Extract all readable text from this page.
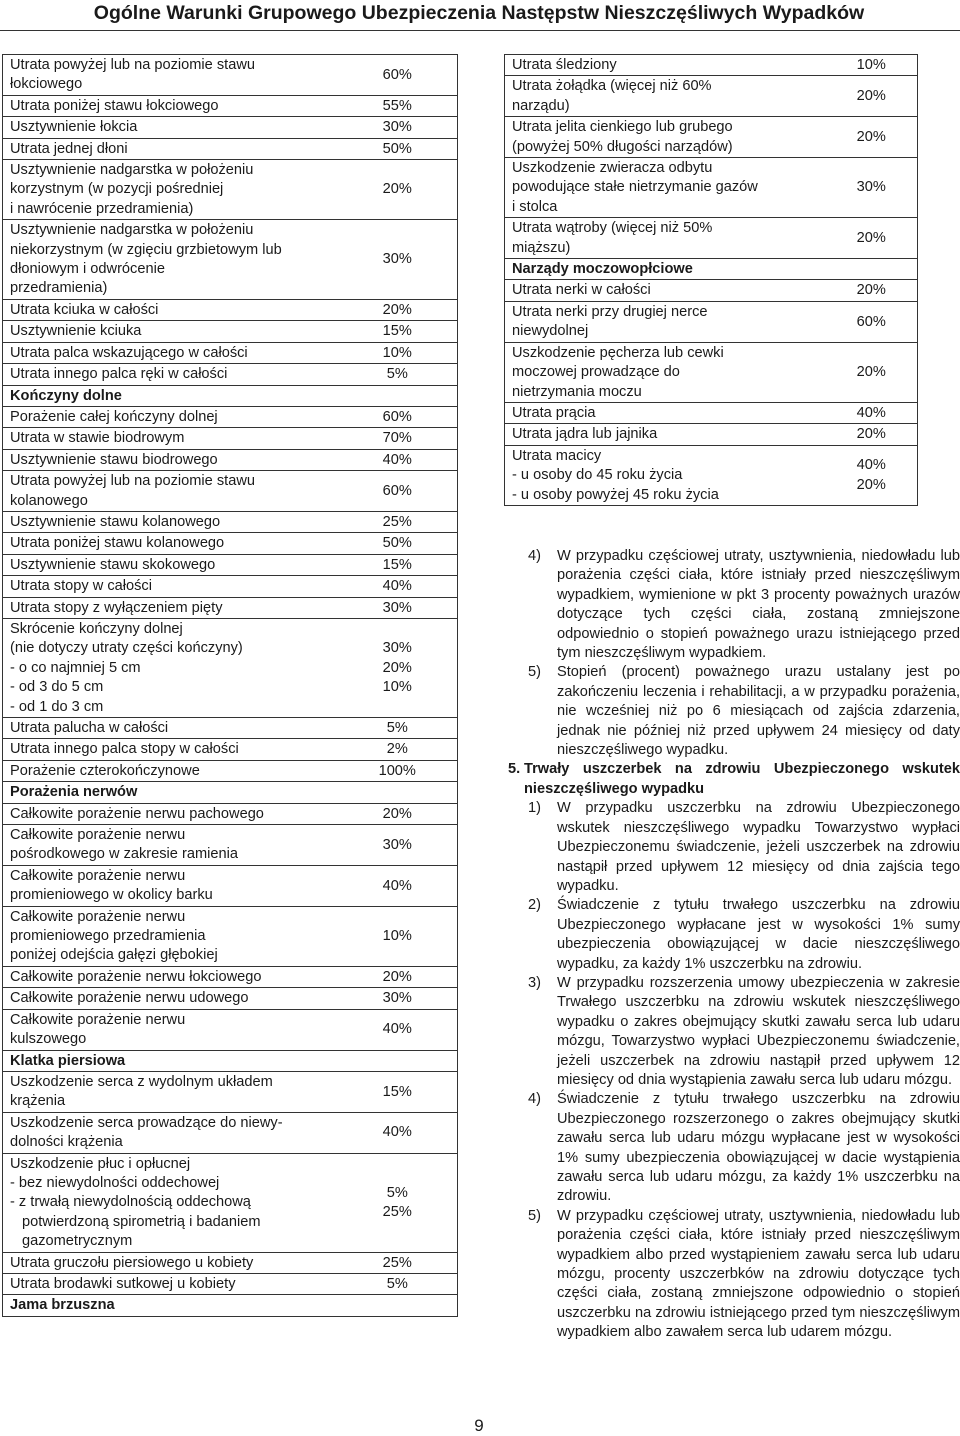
Ogólne Warunki Grupowego Ubezpieczenia Następstw Nieszczęśliwych Wypadków
Utrata powyżej lub na poziomie stawu
łokciowego	60%

Utrata poniżej stawu łokciowego	55%

Usztywnienie łokcia	30%

Utrata jednej dłoni	50%

Usztywnienie nadgarstka w położeniu
korzystnym (w pozycji pośredniej
i nawrócenie przedramienia)	20%

Usztywnienie nadgarstka w położeniu
niekorzystnym (w zgięciu grzbietowym lub
dłoniowym i odwrócenie
przedramienia)	30%

Utrata kciuka w całości	20%

Usztywnienie kciuka	15%

Utrata palca wskazującego w całości	10%

Utrata innego palca ręki w całości	5%

Kończyny dolne	

Porażenie całej kończyny dolnej	60%

Utrata w stawie biodrowym	70%

Usztywnienie stawu biodrowego	40%

Utrata powyżej lub na poziomie stawu
kolanowego	60%

Usztywnienie stawu kolanowego	25%

Utrata poniżej stawu kolanowego	50%

Usztywnienie stawu skokowego	15%

Utrata stopy w całości	40%

Utrata stopy z wyłączeniem pięty	30%

Skrócenie kończyny dolnej
(nie dotyczy utraty części kończyny)
- o co najmniej 5 cm
- od 3 do 5 cm
- od 1 do 3 cm	30%
20%
10%

Utrata palucha w całości	5%

Utrata innego palca stopy w całości	2%

Porażenie czterokończynowe	100%

Porażenia nerwów	

Całkowite porażenie nerwu pachowego	20%

Całkowite porażenie nerwu
pośrodkowego w zakresie ramienia	30%

Całkowite porażenie nerwu
promieniowego w okolicy barku	40%

Całkowite porażenie nerwu
promieniowego przedramienia
poniżej odejścia gałęzi głębokiej	10%

Całkowite porażenie nerwu łokciowego	20%

Całkowite porażenie nerwu udowego	30%

Całkowite porażenie nerwu
kulszowego	40%

Klatka piersiowa	

Uszkodzenie serca z wydolnym układem
krążenia	15%

Uszkodzenie serca prowadzące do niewy-
dolności krążenia	40%

Uszkodzenie płuc i opłucnej
- bez niewydolności oddechowej
- z trwałą niewydolnością oddechową
potwierdzoną spirometrią i badaniem
gazometrycznym	5%
25%

Utrata gruczołu piersiowego u kobiety	25%

Utrata brodawki sutkowej u kobiety	5%

Jama brzuszna	

Utrata śledziony	10%

Utrata żołądka (więcej niż 60%
narządu)	20%

Utrata jelita cienkiego lub grubego
(powyżej 50% długości narządów)	20%

Uszkodzenie zwieracza odbytu
powodujące stałe nietrzymanie gazów
i stolca	30%

Utrata wątroby (więcej niż 50%
miąższu)	20%

Narządy moczowopłciowe	

Utrata nerki w całości	20%

Utrata nerki przy drugiej nerce
niewydolnej	60%

Uszkodzenie pęcherza lub cewki
moczowej prowadzące do
nietrzymania moczu	20%

Utrata prącia	40%

Utrata jądra lub jajnika	20%

Utrata macicy
- u osoby do 45 roku życia
- u osoby powyżej 45 roku życia	40%
20%
4) W przypadku częściowej utraty, usztywnienia, niedowładu lub porażenia części ciała, które istniały przed nieszczęśliwym wypadkiem, wymienione w pkt 3 procenty poważnych urazów dotyczące tych części ciała, zostaną zmniejszone odpowiednio o stopień poważnego urazu istniejącego przed tym nieszczęśliwym wypadkiem.
5) Stopień (procent) poważnego urazu ustalany jest po zakończeniu leczenia i rehabilitacji, a w przypadku porażenia, nie wcześniej niż po 6 miesiącach od zajścia zdarzenia, jednak nie później niż przed upływem 24 miesięcy od daty nieszczęśliwego wypadku.
5. Trwały uszczerbek na zdrowiu Ubezpieczonego wskutek nieszczęśliwego wypadku
1) W przypadku uszczerbku na zdrowiu Ubezpieczonego wskutek nieszczęśliwego wypadku Towarzystwo wypłaci Ubezpieczonemu świadczenie, jeżeli uszczerbek na zdrowiu nastąpił przed upływem 12 miesięcy od dnia zajścia tego wypadku.
2) Świadczenie z tytułu trwałego uszczerbku na zdrowiu Ubezpieczonego wypłacane jest w wysokości 1% sumy ubezpieczenia obowiązującej w dacie nieszczęśliwego wypadku, za każdy 1% uszczerbku na zdrowiu.
3) W przypadku rozszerzenia umowy ubezpieczenia w zakresie Trwałego uszczerbku na zdrowiu wskutek nieszczęśliwego wypadku o zakres obejmujący skutki zawału serca lub udaru mózgu, Towarzystwo wypłaci Ubezpieczonemu świadczenie, jeżeli uszczerbek na zdrowiu nastąpił przed upływem 12 miesięcy od dnia wystąpienia zawału serca lub udaru mózgu.
4) Świadczenie z tytułu trwałego uszczerbku na zdrowiu Ubezpieczonego rozszerzonego o zakres obejmujący skutki zawału serca lub udaru mózgu wypłacane jest w wysokości 1% sumy ubezpieczenia obowiązującej w dacie wystąpienia zawału serca lub udaru mózgu, za każdy 1% uszczerbku na zdrowiu.
5) W przypadku częściowej utraty, usztywnienia, niedowładu lub porażenia części ciała, które istniały przed nieszczęśliwym wypadkiem albo przed wystąpieniem zawału serca lub udaru mózgu, procenty uszczerbków na zdrowiu dotyczące tych części ciała, zostaną zmniejszone odpowiednio o stopień uszczerbku na zdrowiu istniejącego przed tym nieszczęśliwym wypadkiem albo zawałem serca lub udarem mózgu.
9
